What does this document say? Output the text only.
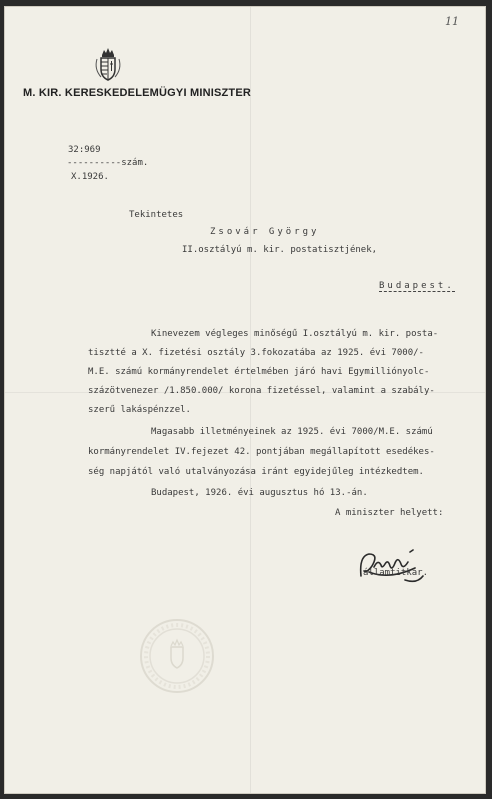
11
M. KIR. KERESKEDELEMÜGYI MINISZTER
32:969
----------szám.
X.1926.
Tekintetes
Zsovár György
II.osztályú m. kir. postatisztjének,
Budapest.
Kinevezem végleges minőségű I.osztályú m. kir. posta-
tisztté a X. fizetési osztály 3.fokozatába az 1925. évi 7000/-
M.E. számú kormányrendelet értelmében járó havi Egymilliónyolc-
százötvenezer /1.850.000/ korona fizetéssel, valamint a szabály-
szerű lakáspénzzel.
Magasabb illetményeinek az 1925. évi 7000/M.E. számú
kormányrendelet IV.fejezet 42. pontjában megállapított esedékes-
ség napjától való utalványozása iránt egyidejűleg intézkedtem.
Budapest, 1926. évi augusztus hó 13.-án.
A miniszter helyett:
államtitkár.
